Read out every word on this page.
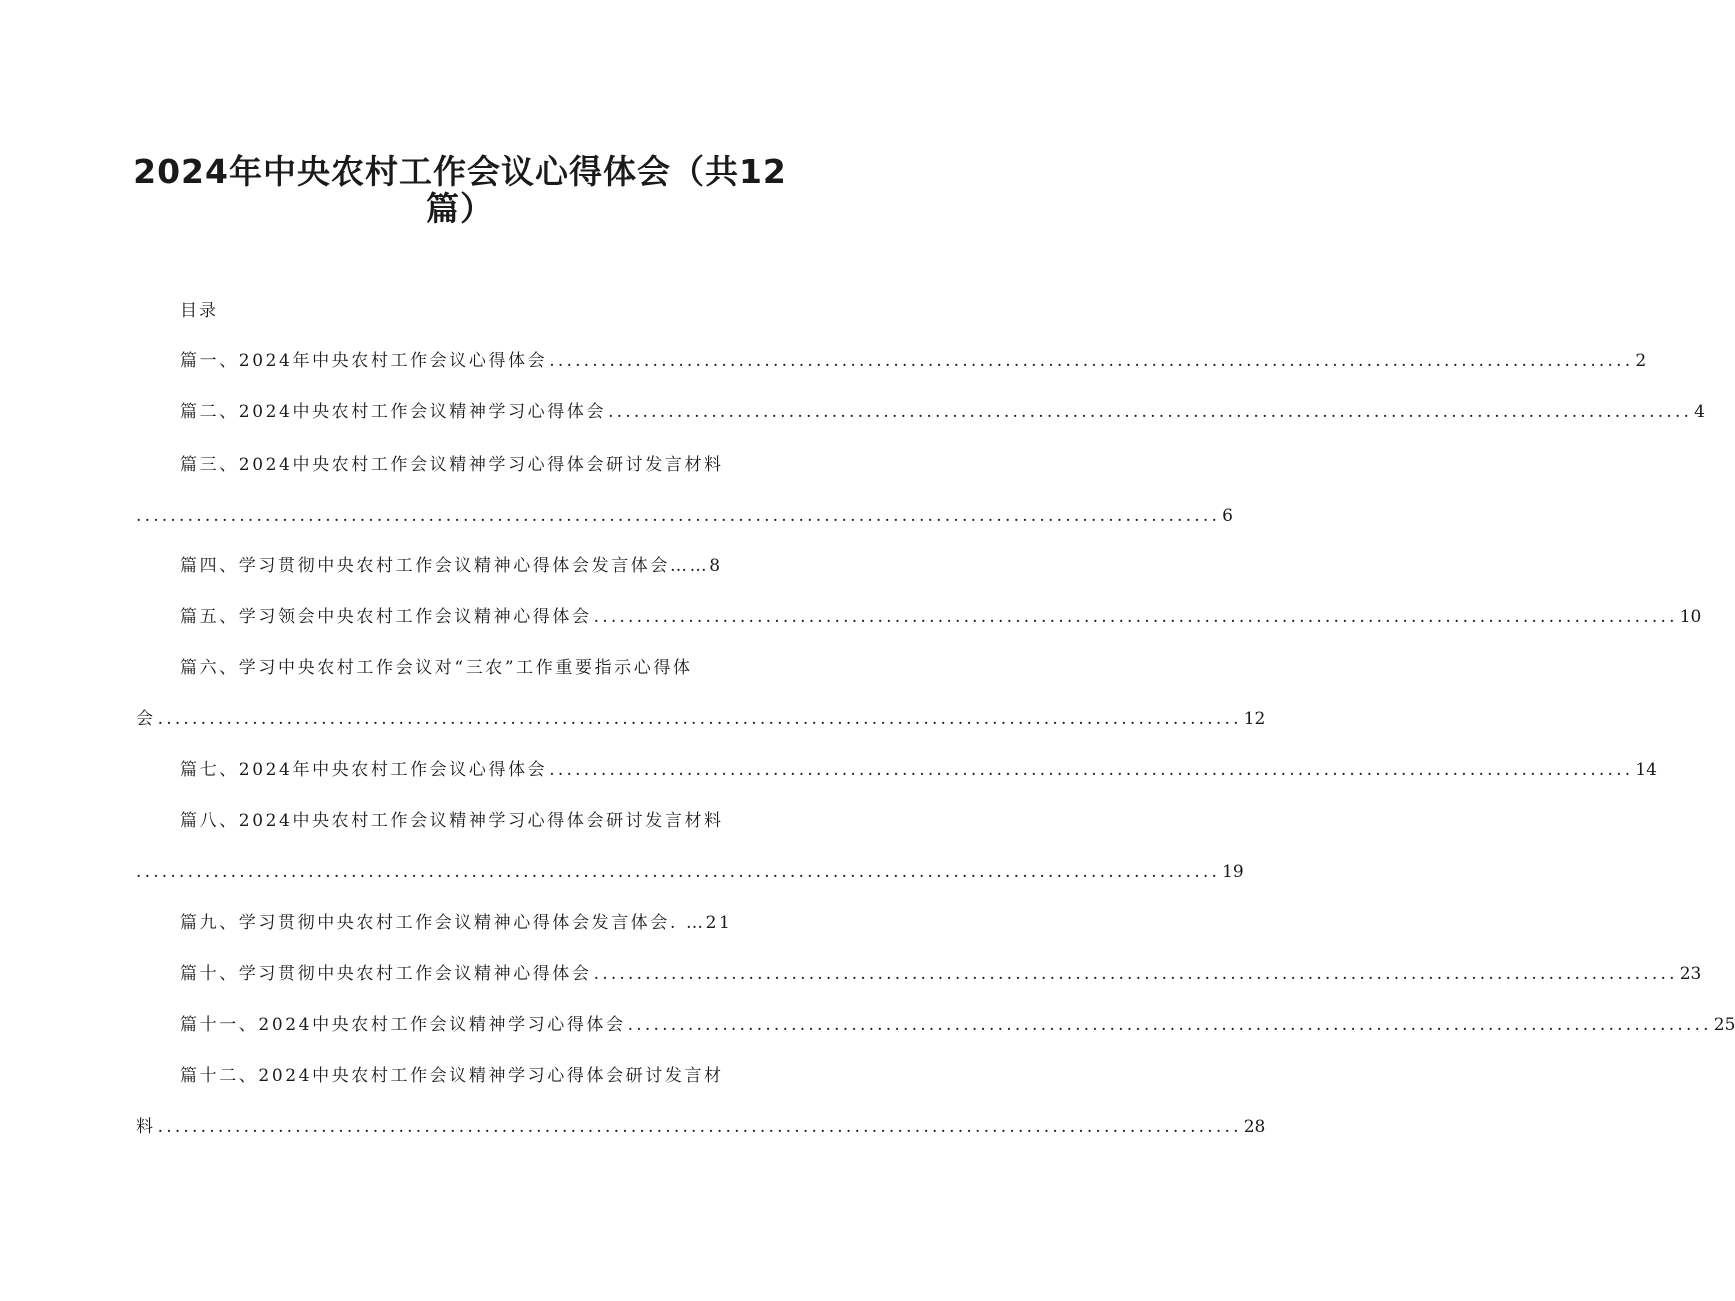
2024年中央农村工作会议心得体会（共12
篇）
目录
篇一、2024年中央农村工作会议心得体会 .............................................................................................................................. 2
篇二、2024中央农村工作会议精神学习心得体会 .............................................................................................................................. 4
篇三、2024中央农村工作会议精神学习心得体会研讨发言材料
.............................................................................................................................. 6
篇四、学习贯彻中央农村工作会议精神心得体会发言体会……8
篇五、学习领会中央农村工作会议精神心得体会 .............................................................................................................................. 10
篇六、学习中央农村工作会议对“三农”工作重要指示心得体
会 .............................................................................................................................. 12
篇七、2024年中央农村工作会议心得体会 .............................................................................................................................. 14
篇八、2024中央农村工作会议精神学习心得体会研讨发言材料
.............................................................................................................................. 19
篇九、学习贯彻中央农村工作会议精神心得体会发言体会. …21
篇十、学习贯彻中央农村工作会议精神心得体会 .............................................................................................................................. 23
篇十一、2024中央农村工作会议精神学习心得体会 .............................................................................................................................. 25
篇十二、2024中央农村工作会议精神学习心得体会研讨发言材
料 .............................................................................................................................. 28
